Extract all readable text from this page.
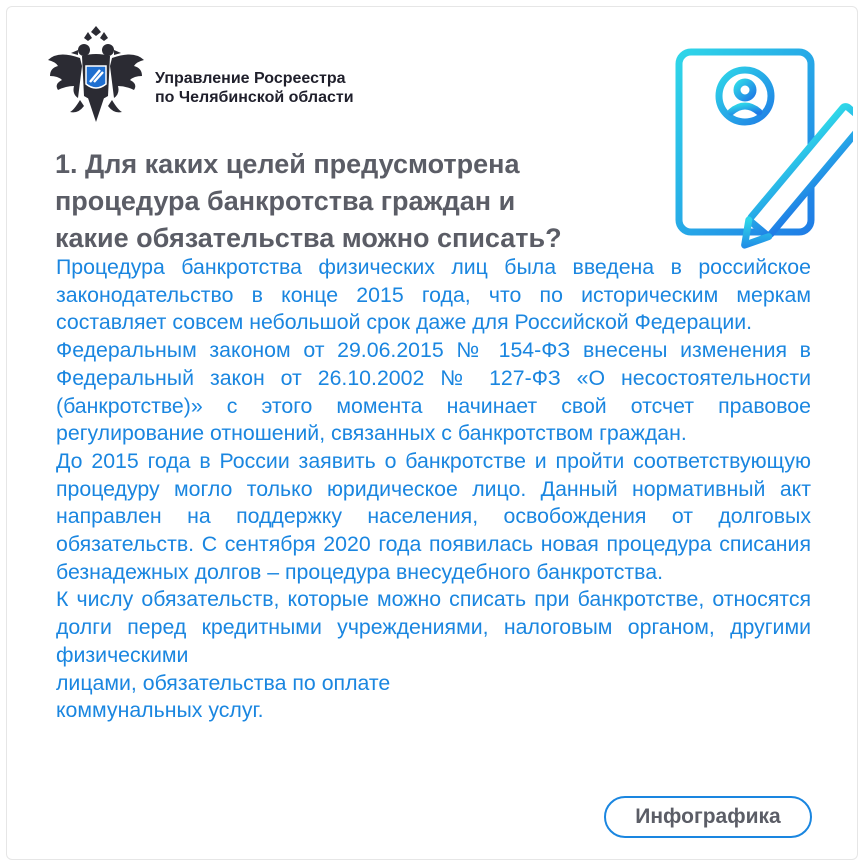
Управление Росреестра
по Челябинской области
1. Для каких целей предусмотрена
процедура банкротства граждан и
какие обязательства можно списать?

Процедура банкротства физических лиц была введена в российское законодательство в конце 2015 года, что по историческим меркам составляет совсем небольшой срок даже для Российской Федерации.

Федеральным законом от 29.06.2015 № 154-ФЗ внесены изменения в Федеральный закон от 26.10.2002 № 127-ФЗ «О несостоятельности (банкротстве)» с этого момента начинает свой отсчет правовое регулирование отношений, связанных с банкротством граждан.

До 2015 года в России заявить о банкротстве и пройти соответствующую процедуру могло только юридическое лицо. Данный нормативный акт направлен на поддержку населения, освобождения от долговых обязательств. С сентября 2020 года появилась новая процедура списания безнадежных долгов – процедура внесудебного банкротства.

К числу обязательств, которые можно списать при банкротстве, относятся долги перед кредитными учреждениями, налоговым органом, другими физическими

лицами, обязательства по оплате

коммунальных услуг.

Инфографика
